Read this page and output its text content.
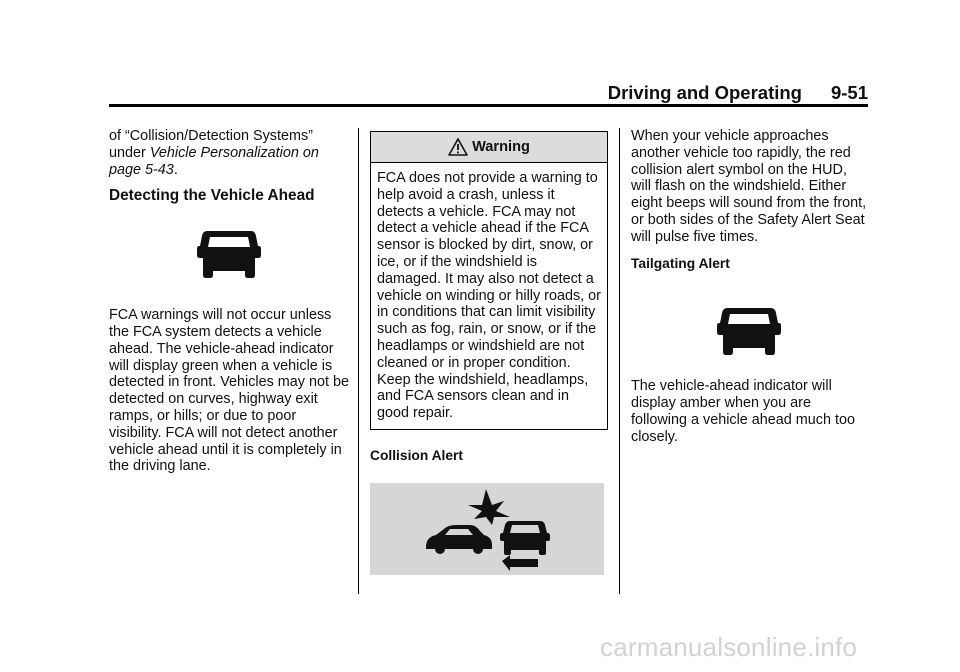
Driving and Operating 9-51

of “Collision/Detection Systems”

under Vehicle Personalization on page 5-43.

Detecting the Vehicle Ahead

FCA warnings will not occur unless the FCA system detects a vehicle ahead. The vehicle-ahead indicator will display green when a vehicle is detected in front. Vehicles may not be detected on curves, highway exit ramps, or hills; or due to poor visibility. FCA will not detect another vehicle ahead until it is completely in the driving lane.

Warning
FCA does not provide a warning to help avoid a crash, unless it detects a vehicle. FCA may not detect a vehicle ahead if the FCA sensor is blocked by dirt, snow, or ice, or if the windshield is damaged. It may also not detect a vehicle on winding or hilly roads, or in conditions that can limit visibility such as fog, rain, or snow, or if the headlamps or windshield are not cleaned or in proper condition. Keep the windshield, headlamps, and FCA sensors clean and in good repair.
Collision Alert

When your vehicle approaches another vehicle too rapidly, the red collision alert symbol on the HUD, will flash on the windshield. Either eight beeps will sound from the front, or both sides of the Safety Alert Seat will pulse five times.

Tailgating Alert

The vehicle-ahead indicator will display amber when you are following a vehicle ahead much too closely.

carmanualsonline.info
